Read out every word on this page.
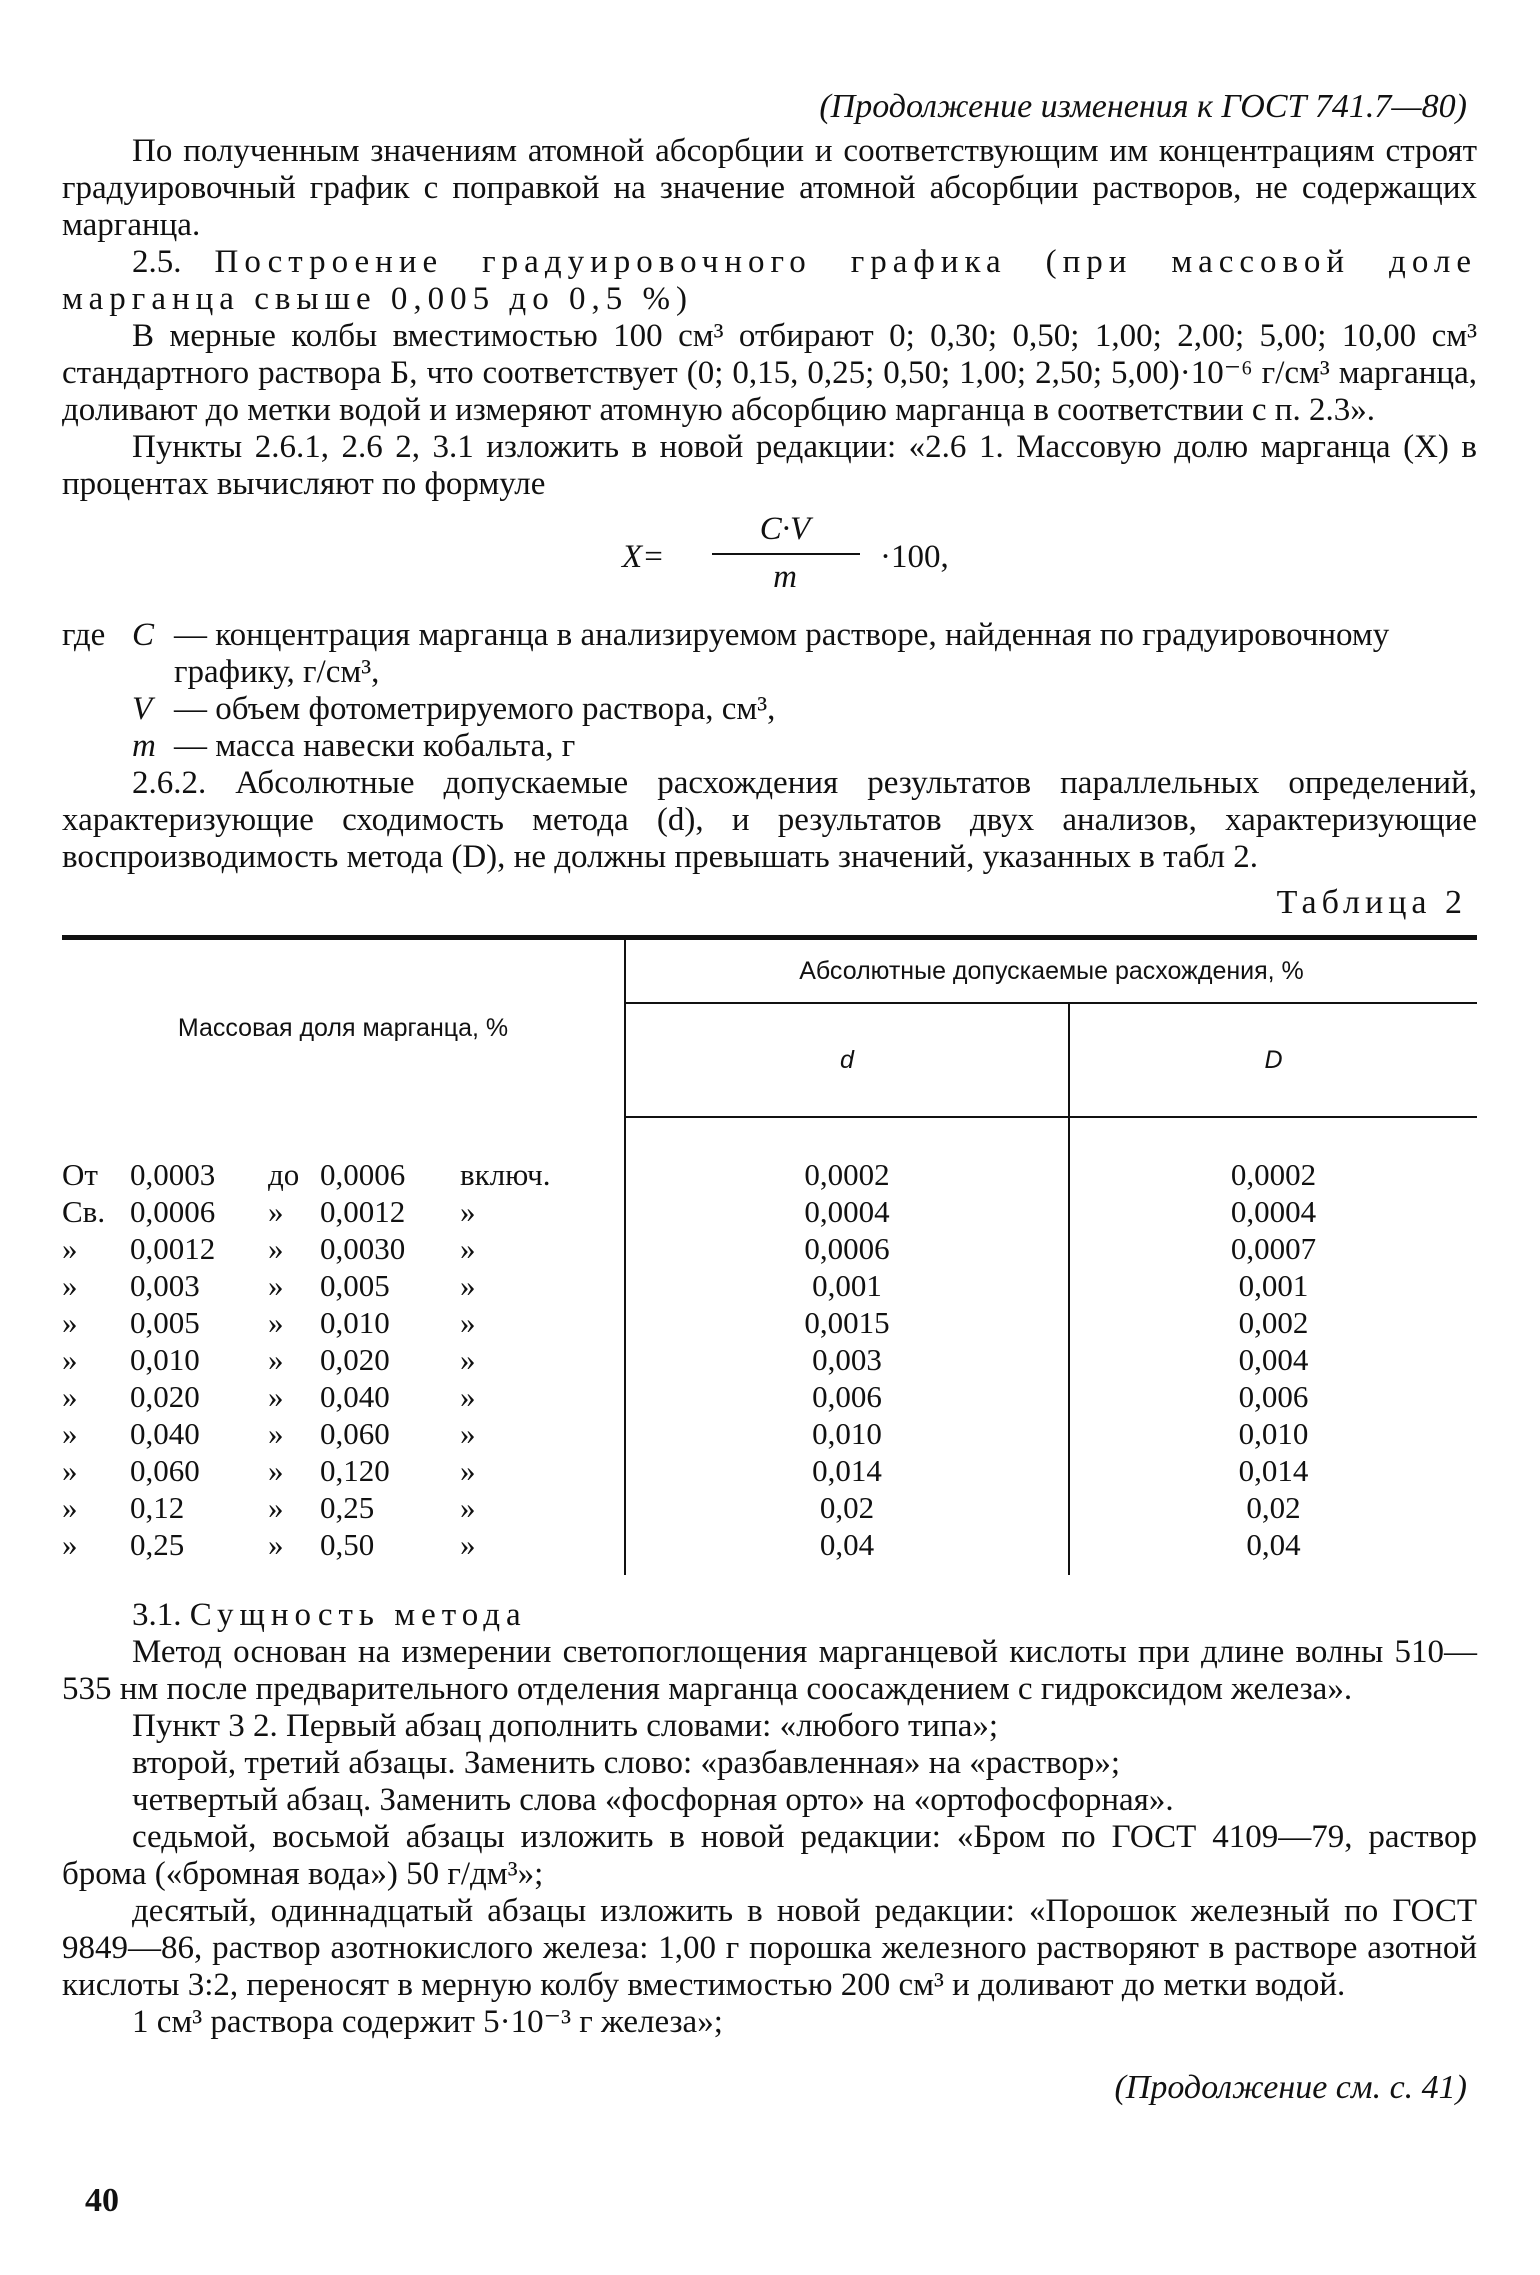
(Продолжение изменения к ГОСТ 741.7—80)

По полученным значениям атомной абсорбции и соответствующим им концентрациям строят градуировочный график с поправкой на значение атомной абсорбции растворов, не содержащих марганца.

2.5. Построение градуировочного графика (при массовой доле марганца свыше 0,005 до 0,5 %)

В мерные колбы вместимостью 100 см³ отбирают 0; 0,30; 0,50; 1,00; 2,00; 5,00; 10,00 см³ стандартного раствора Б, что соответствует (0; 0,15, 0,25; 0,50; 1,00; 2,50; 5,00)·10⁻⁶ г/см³ марганца, доливают до метки водой и измеряют атомную абсорбцию марганца в соответствии с п. 2.3».

Пункты 2.6.1, 2.6 2, 3.1 изложить в новой редакции: «2.6 1. Массовую долю марганца (X) в процентах вычисляют по формуле

X=
C·V
m
·100,
где C — концентрация марганца в анализируемом растворе, найденная по градуировочному графику, г/см³,
V — объем фотометрируемого раствора, см³,
m — масса навески кобальта, г

2.6.2. Абсолютные допускаемые расхождения результатов параллельных определений, характеризующие сходимость метода (d), и результатов двух анализов, характеризующие воспроизводимость метода (D), не должны превышать значений, указанных в табл 2.

Таблица 2
Массовая доля марганца, %	Абсолютные допускаемые расхождения, %	
	d	D
От 0,0003 до 0,0006 включ.	0,0002	0,0002
Св. 0,0006 » 0,0012 »	0,0004	0,0004
» 0,0012 » 0,0030 »	0,0006	0,0007
» 0,003 » 0,005 »	0,001	0,001
» 0,005 » 0,010 »	0,0015	0,002
» 0,010 » 0,020 »	0,003	0,004
» 0,020 » 0,040 »	0,006	0,006
» 0,040 » 0,060 »	0,010	0,010
» 0,060 » 0,120 »	0,014	0,014
» 0,12 » 0,25 »	0,02	0,02
» 0,25 » 0,50 »	0,04	0,04

3.1. Сущность метода

Метод основан на измерении светопоглощения марганцевой кислоты при длине волны 510—535 нм после предварительного отделения марганца соосаждением с гидроксидом железа».

Пункт 3 2. Первый абзац дополнить словами: «любого типа»;

второй, третий абзацы. Заменить слово: «разбавленная» на «раствор»;

четвертый абзац. Заменить слова «фосфорная орто» на «ортофосфорная».

седьмой, восьмой абзацы изложить в новой редакции: «Бром по ГОСТ 4109—79, раствор брома («бромная вода») 50 г/дм³»;

десятый, одиннадцатый абзацы изложить в новой редакции: «Порошок железный по ГОСТ 9849—86, раствор азотнокислого железа: 1,00 г порошка железного растворяют в растворе азотной кислоты 3:2, переносят в мерную колбу вместимостью 200 см³ и доливают до метки водой.

1 см³ раствора содержит 5·10⁻³ г железа»;

(Продолжение см. с. 41)
40
